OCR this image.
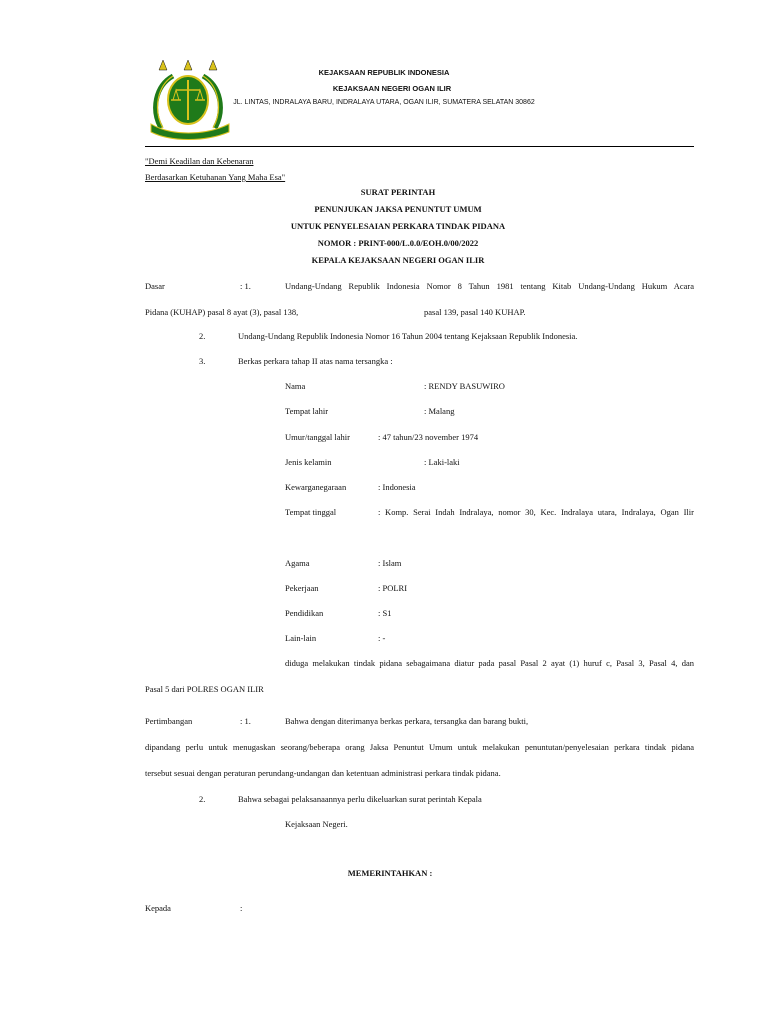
KEJAKSAAN REPUBLIK INDONESIA
KEJAKSAAN NEGERI OGAN ILIR
JL. LINTAS, INDRALAYA BARU, INDRALAYA UTARA, OGAN ILIR, SUMATERA SELATAN 30862
"Demi Keadilan dan Kebenaran
Berdasarkan Ketuhanan Yang Maha Esa"
SURAT PERINTAH
PENUNJUKAN JAKSA PENUNTUT UMUM
UNTUK PENYELESAIAN PERKARA TINDAK PIDANA
NOMOR : PRINT-000/L.0.0/EOH.0/00/2022
KEPALA KEJAKSAAN NEGERI OGAN ILIR
Dasar	: 1.	Undang-Undang Republik Indonesia Nomor 8 Tahun 1981 tentang Kitab Undang-Undang Hukum Acara
Pidana (KUHAP) pasal 8 ayat (3), pasal 138,	pasal 139, pasal 140 KUHAP.
2.	Undang-Undang Republik Indonesia Nomor 16 Tahun 2004 tentang Kejaksaan Republik Indonesia.
3.	Berkas perkara tahap II atas nama tersangka :
Nama	: RENDY BASUWIRO
Tempat lahir	: Malang
Umur/tanggal lahir	: 47 tahun/23 november 1974
Jenis kelamin	: Laki-laki
Kewarganegaraan	: Indonesia
Tempat tinggal	: Komp. Serai Indah Indralaya, nomor 30, Kec. Indralaya utara, Indralaya, Ogan Ilir
Agama	: Islam
Pekerjaan	: POLRI
Pendidikan	: S1
Lain-lain	: -
diduga melakukan tindak pidana sebagaimana diatur pada pasal Pasal 2 ayat (1) huruf c, Pasal 3, Pasal 4, dan
Pasal 5 dari POLRES OGAN ILIR
Pertimbangan	: 1.	Bahwa dengan diterimanya berkas perkara, tersangka dan barang bukti,
dipandang perlu untuk menugaskan seorang/beberapa orang Jaksa Penuntut Umum untuk melakukan penuntutan/penyelesaian perkara tindak pidana
tersebut sesuai dengan peraturan perundang-undangan dan ketentuan administrasi perkara tindak pidana.
2.	Bahwa sebagai pelaksanaannya perlu dikeluarkan surat perintah Kepala
Kejaksaan Negeri.
MEMERINTAHKAN :
Kepada	:
